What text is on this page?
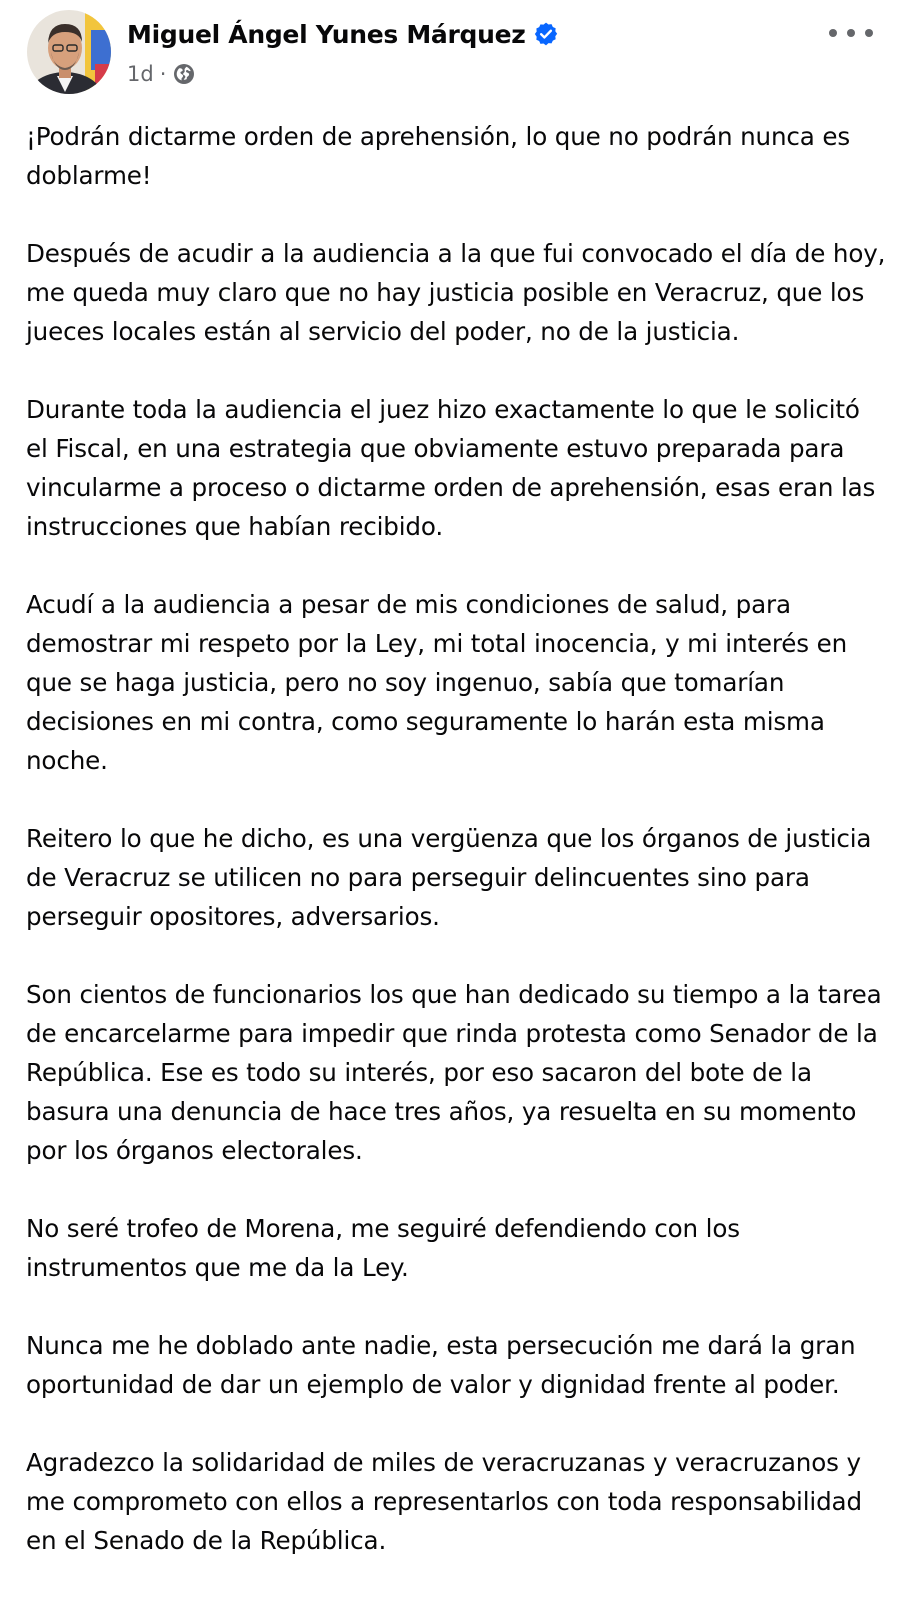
Miguel Ángel Yunes Márquez
1d ·

¡Podrán dictarme orden de aprehensión, lo que no podrán nunca es doblarme!

Después de acudir a la audiencia a la que fui convocado el día de hoy, me queda muy claro que no hay justicia posible en Veracruz, que los jueces locales están al servicio del poder, no de la justicia.

Durante toda la audiencia el juez hizo exactamente lo que le solicitó el Fiscal, en una estrategia que obviamente estuvo preparada para vincularme a proceso o dictarme orden de aprehensión, esas eran las instrucciones que habían recibido.

Acudí a la audiencia a pesar de mis condiciones de salud, para demostrar mi respeto por la Ley, mi total inocencia, y mi interés en que se haga justicia, pero no soy ingenuo, sabía que tomarían decisiones en mi contra, como seguramente lo harán esta misma noche.

Reitero lo que he dicho, es una vergüenza que los órganos de justicia de Veracruz se utilicen no para perseguir delincuentes sino para perseguir opositores, adversarios.

Son cientos de funcionarios los que han dedicado su tiempo a la tarea de encarcelarme para impedir que rinda protesta como Senador de la República. Ese es todo su interés, por eso sacaron del bote de la basura una denuncia de hace tres años, ya resuelta en su momento por los órganos electorales.

No seré trofeo de Morena, me seguiré defendiendo con los instrumentos que me da la Ley.

Nunca me he doblado ante nadie, esta persecución me dará la gran oportunidad de dar un ejemplo de valor y dignidad frente al poder.

Agradezco la solidaridad de miles de veracruzanas y veracruzanos y me comprometo con ellos a representarlos con toda responsabilidad en el Senado de la República.
